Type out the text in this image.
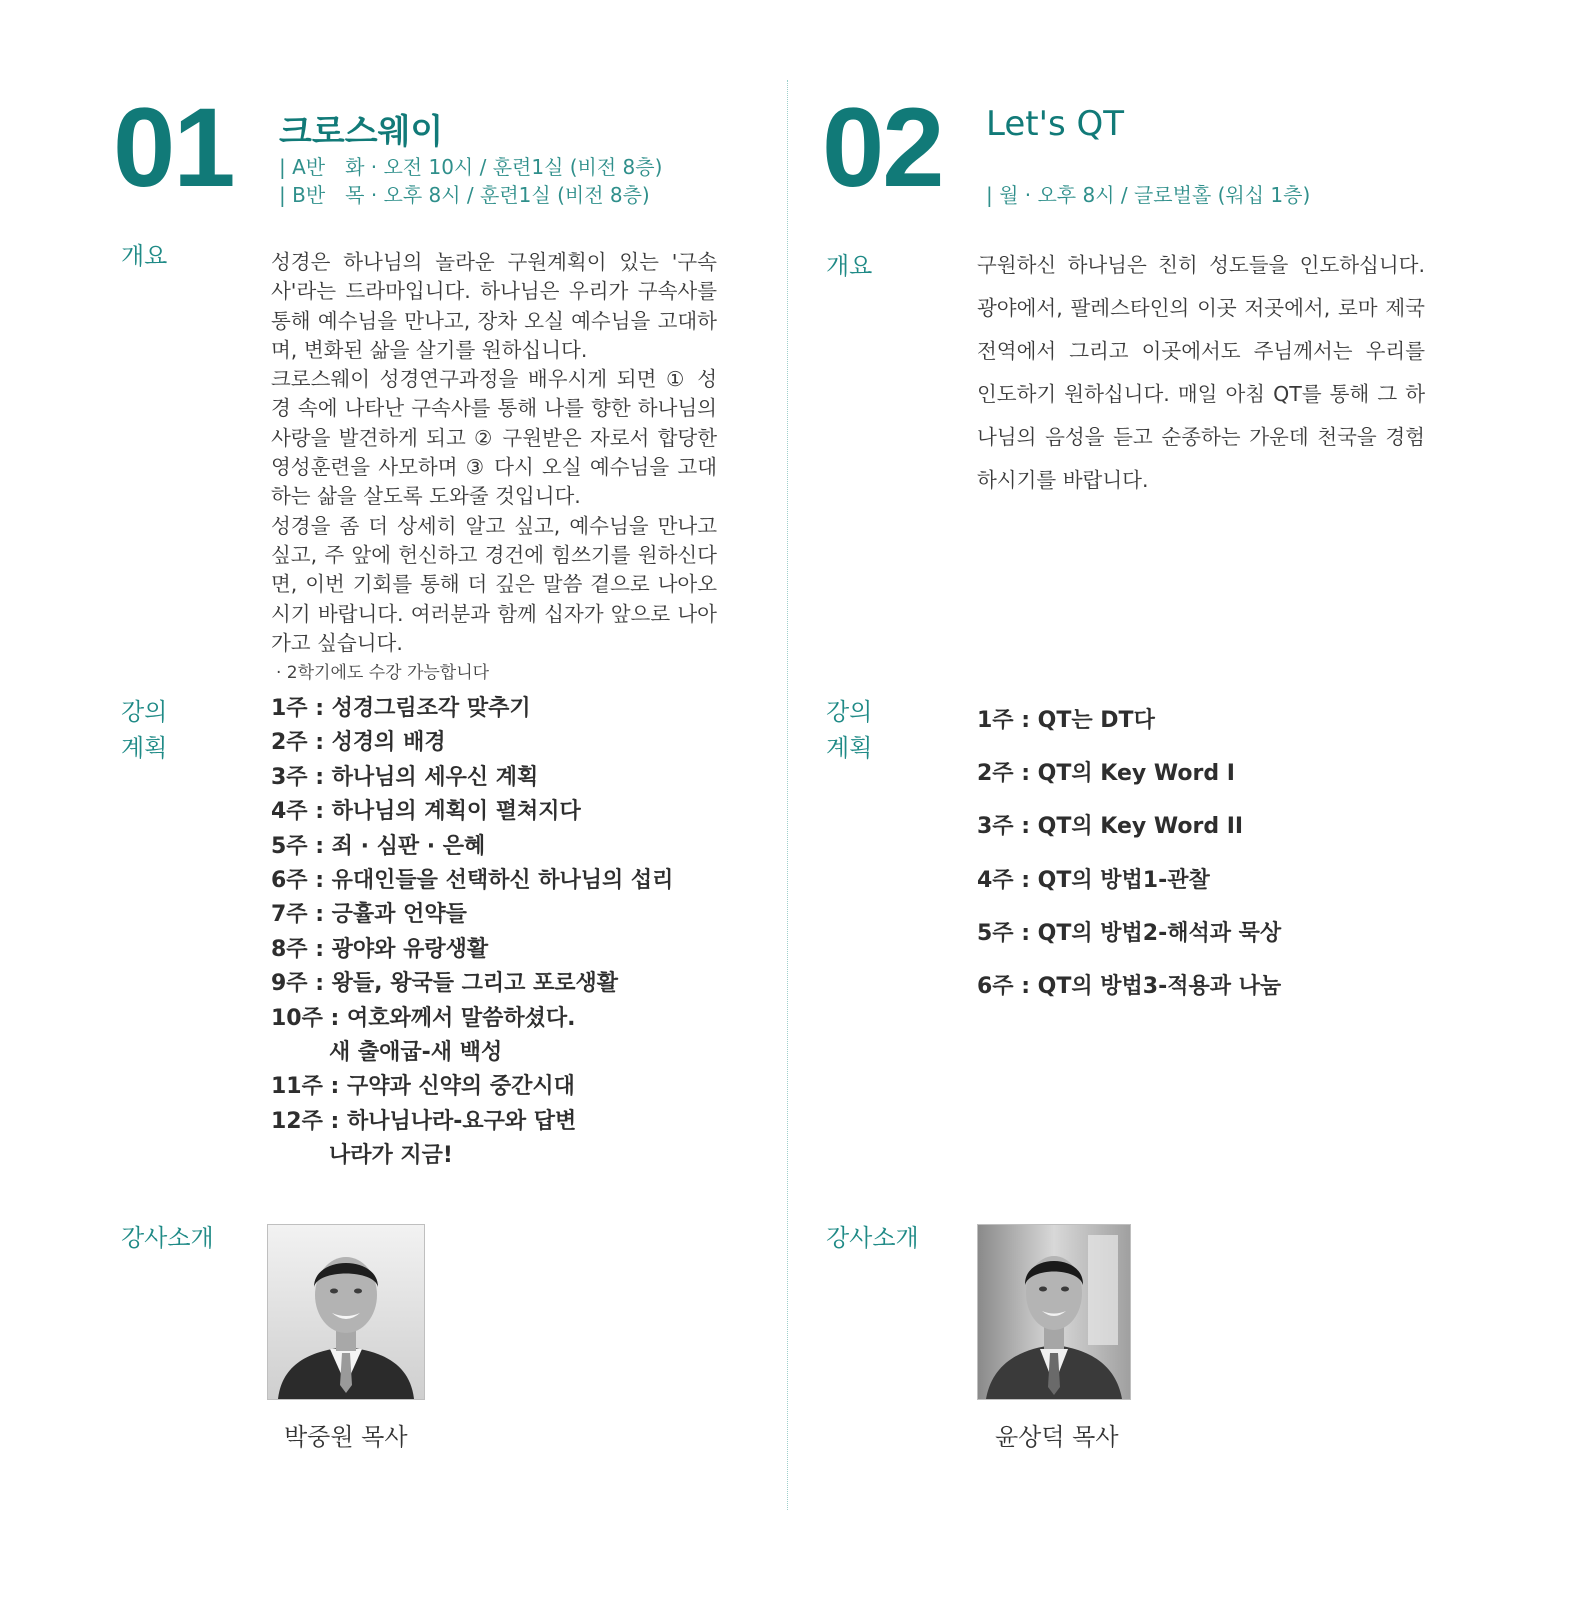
01 크로스웨이
| A반　화 · 오전 10시 / 훈련1실 (비전 8층)
| B반　목 · 오후 8시 / 훈련1실 (비전 8층)
개요	성경은 하나님의 놀라운 구원계획이 있는 '구속사'라는 드라마입니다. 하나님은 우리가 구속사를 통해 예수님을 만나고, 장차 오실 예수님을 고대하며, 변화된 삶을 살기를 원하십니다.

크로스웨이 성경연구과정을 배우시게 되면 ① 성경 속에 나타난 구속사를 통해 나를 향한 하나님의 사랑을 발견하게 되고 ② 구원받은 자로서 합당한 영성훈련을 사모하며 ③ 다시 오실 예수님을 고대하는 삶을 살도록 도와줄 것입니다.

성경을 좀 더 상세히 알고 싶고, 예수님을 만나고 싶고, 주 앞에 헌신하고 경건에 힘쓰기를 원하신다면, 이번 기회를 통해 더 깊은 말씀 곁으로 나아오시기 바랍니다. 여러분과 함께 십자가 앞으로 나아가고 싶습니다.

· 2학기에도 수강 가능합니다
강의
계획
1주 : 성경그림조각 맞추기
2주 : 성경의 배경
3주 : 하나님의 세우신 계획
4주 : 하나님의 계획이 펼쳐지다
5주 : 죄 · 심판 · 은혜
6주 : 유대인들을 선택하신 하나님의 섭리
7주 : 긍휼과 언약들
8주 : 광야와 유랑생활
9주 : 왕들, 왕국들 그리고 포로생활
10주 : 여호와께서 말씀하셨다.
새 출애굽-새 백성
11주 : 구약과 신약의 중간시대
12주 : 하나님나라-요구와 답변
나라가 지금!
강사소개
박중원 목사
02 Let's QT
| 월 · 오후 8시 / 글로벌홀 (워십 1층)
개요	구원하신 하나님은 친히 성도들을 인도하십니다. 광야에서, 팔레스타인의 이곳 저곳에서, 로마 제국 전역에서 그리고 이곳에서도 주님께서는 우리를 인도하기 원하십니다. 매일 아침 QT를 통해 그 하나님의 음성을 듣고 순종하는 가운데 천국을 경험하시기를 바랍니다.

강의
계획
1주 : QT는 DT다
2주 : QT의 Key Word I
3주 : QT의 Key Word II
4주 : QT의 방법1-관찰
5주 : QT의 방법2-해석과 묵상
6주 : QT의 방법3-적용과 나눔
강사소개
윤상덕 목사
